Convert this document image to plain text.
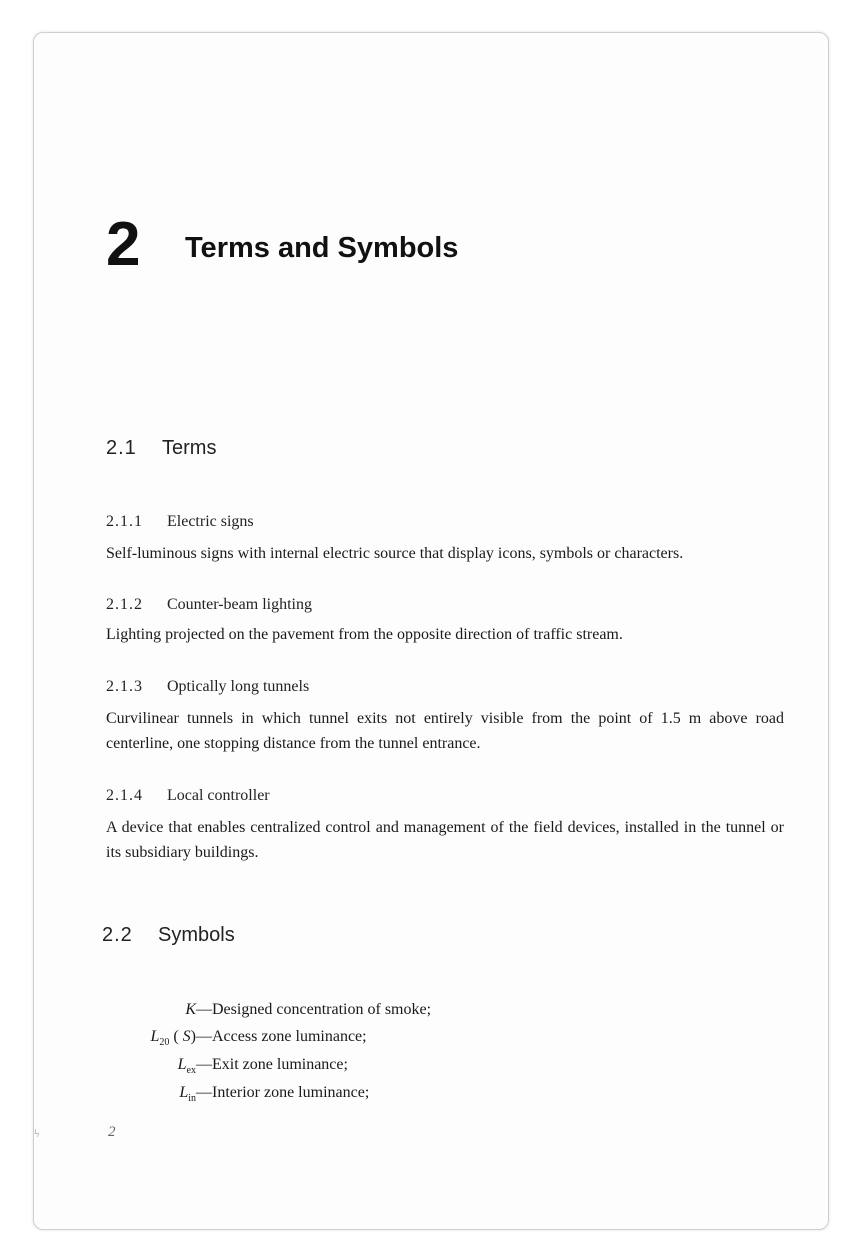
2 Terms and Symbols
2.1 Terms
2.1.1 Electric signs

Self-luminous signs with internal electric source that display icons, symbols or characters.

2.1.2 Counter-beam lighting

Lighting projected on the pavement from the opposite direction of traffic stream.

2.1.3 Optically long tunnels

Curvilinear tunnels in which tunnel exits not entirely visible from the point of 1.5 m above road centerline, one stopping distance from the tunnel entrance.

2.1.4 Local controller

A device that enables centralized control and management of the field devices, installed in the tunnel or its subsidiary buildings.

2.2 Symbols
K—Designed concentration of smoke;
$L_{20}$ ( S)—Access zone luminance;
$L_{ex}—Exit$ zone luminance;
$L_{in}—Interior$ zone luminance;
ϟ	2
